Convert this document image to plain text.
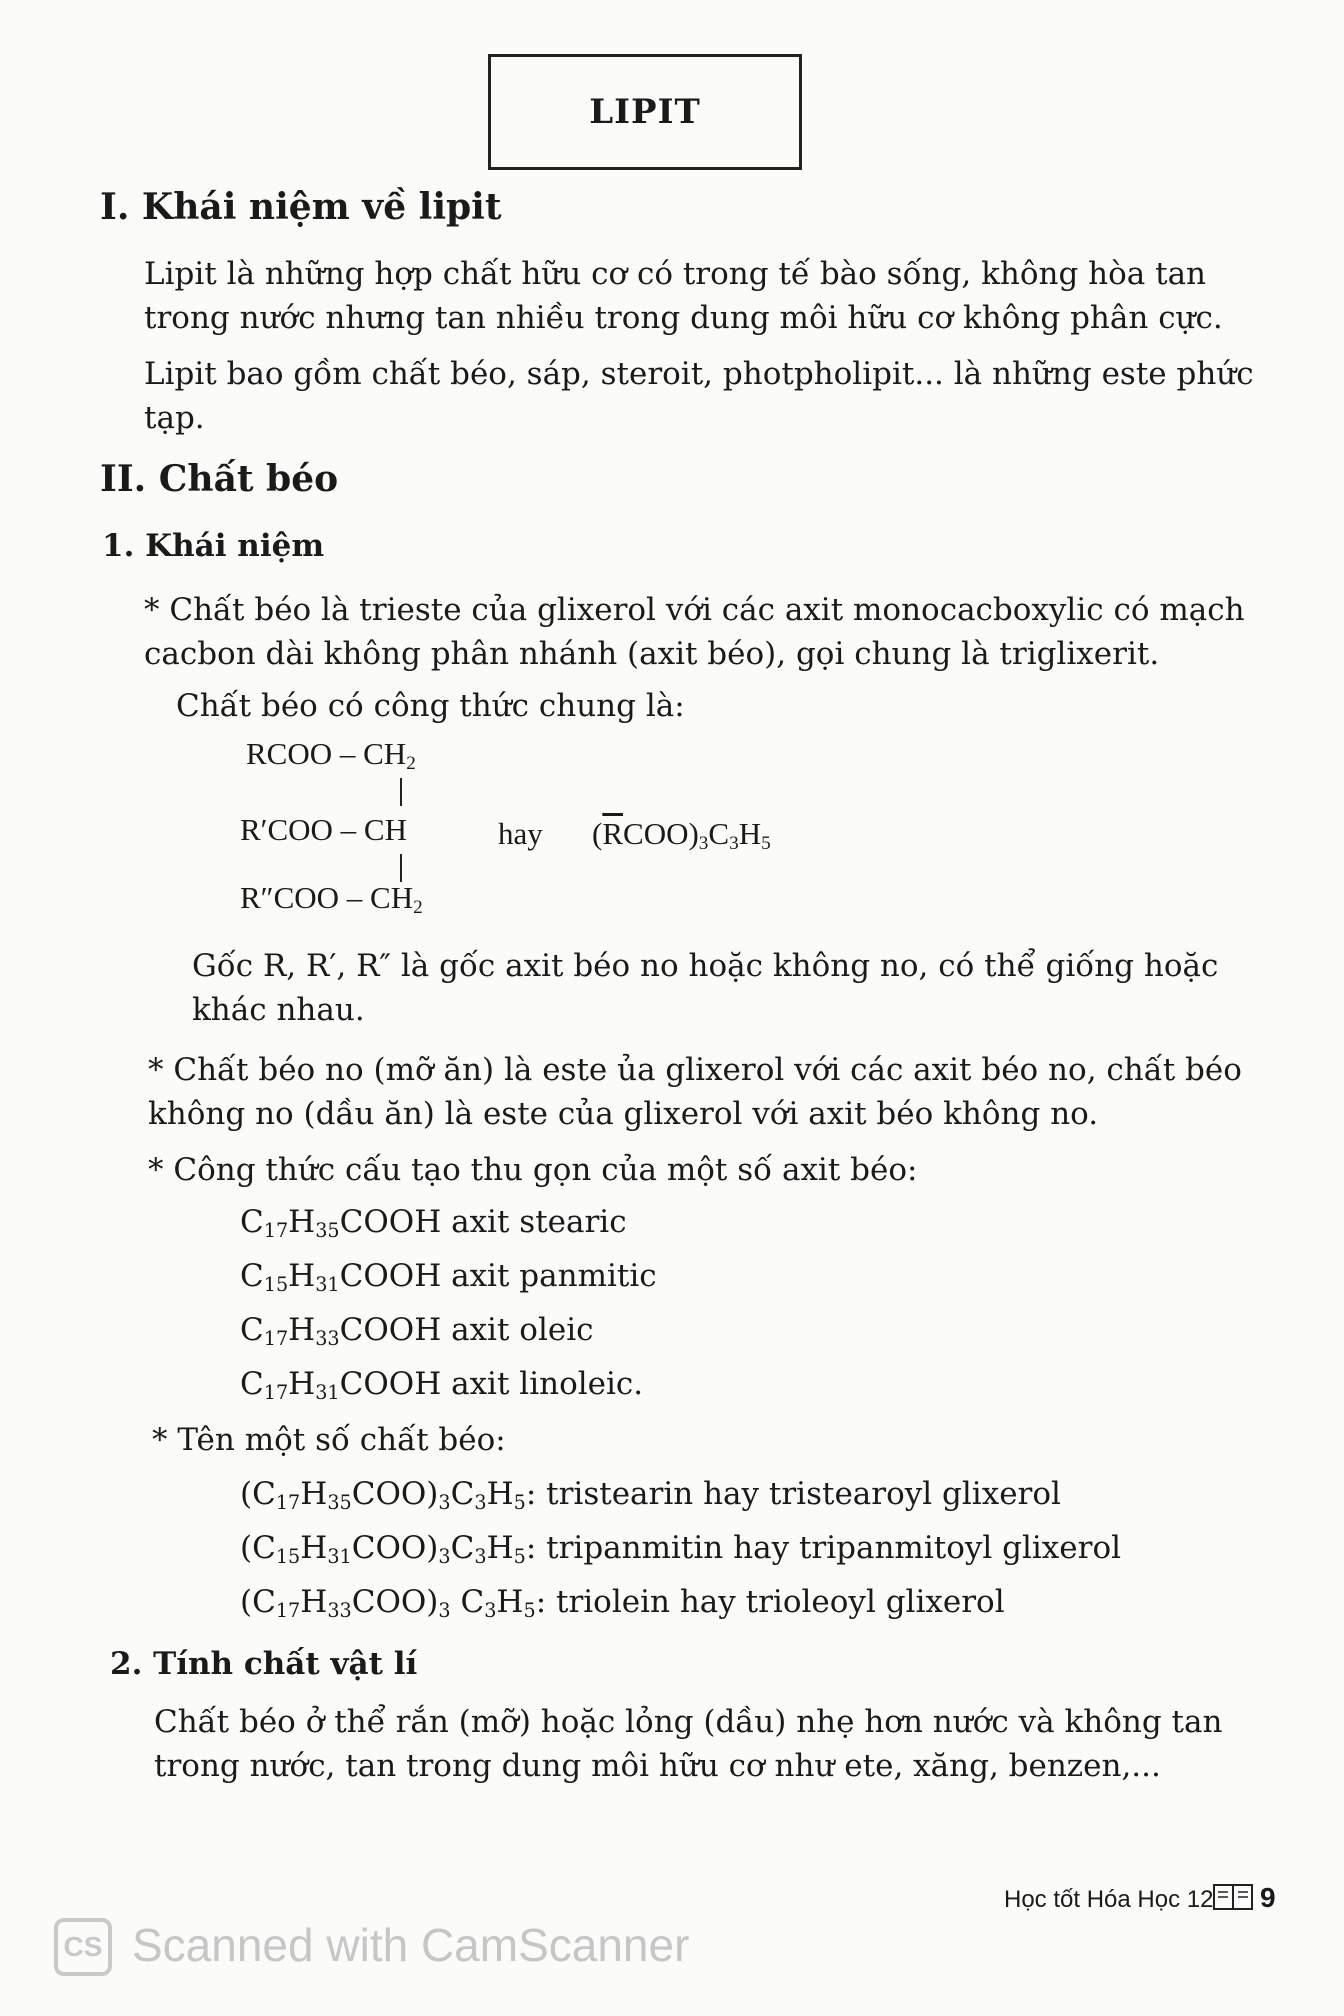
LIPIT
I. Khái niệm về lipit
Lipit là những hợp chất hữu cơ có trong tế bào sống, không hòa tan trong nước nhưng tan nhiều trong dung môi hữu cơ không phân cực.
Lipit bao gồm chất béo, sáp, steroit, photpholipit... là những este phức tạp.
II. Chất béo
1. Khái niệm
* Chất béo là trieste của glixerol với các axit monocacboxylic có mạch cacbon dài không phân nhánh (axit béo), gọi chung là triglixerit.
Chất béo có công thức chung là:
RCOO – $CH_2$
R′COO – CH	hay $(\overline{R}COO)_3C_3H_5$
$R''COO - CH_2$
Gốc R, R′, R″ là gốc axit béo no hoặc không no, có thể giống hoặc khác nhau.
* Chất béo no (mỡ ăn) là este ủa glixerol với các axit béo no, chất béo không no (dầu ăn) là este của glixerol với axit béo không no.
* Công thức cấu tạo thu gọn của một số axit béo:
$C_{17}H_{35}COOH$ axit stearic
$C_{15}H_{31}COOH$ axit panmitic
$C_{17}H_{33}COOH$ axit oleic
$C_{17}H_{31}COOH$ axit linoleic.
* Tên một số chất béo:
$(C_{17}H_{35}COO)_3C_3H_5$: tristearin hay tristearoyl glixerol
$(C_{15}H_{31}COO)_3C_3H_5$: tripanmitin hay tripanmitoyl glixerol
$(C_{17}H_{33}COO)_3$ $C_3H_5$: triolein hay trioleoyl glixerol
2. Tính chất vật lí
Chất béo ở thể rắn (mỡ) hoặc lỏng (dầu) nhẹ hơn nước và không tan trong nước, tan trong dung môi hữu cơ như ete, xăng, benzen,...
Học tốt Hóa Học 12 9
CS Scanned with CamScanner
